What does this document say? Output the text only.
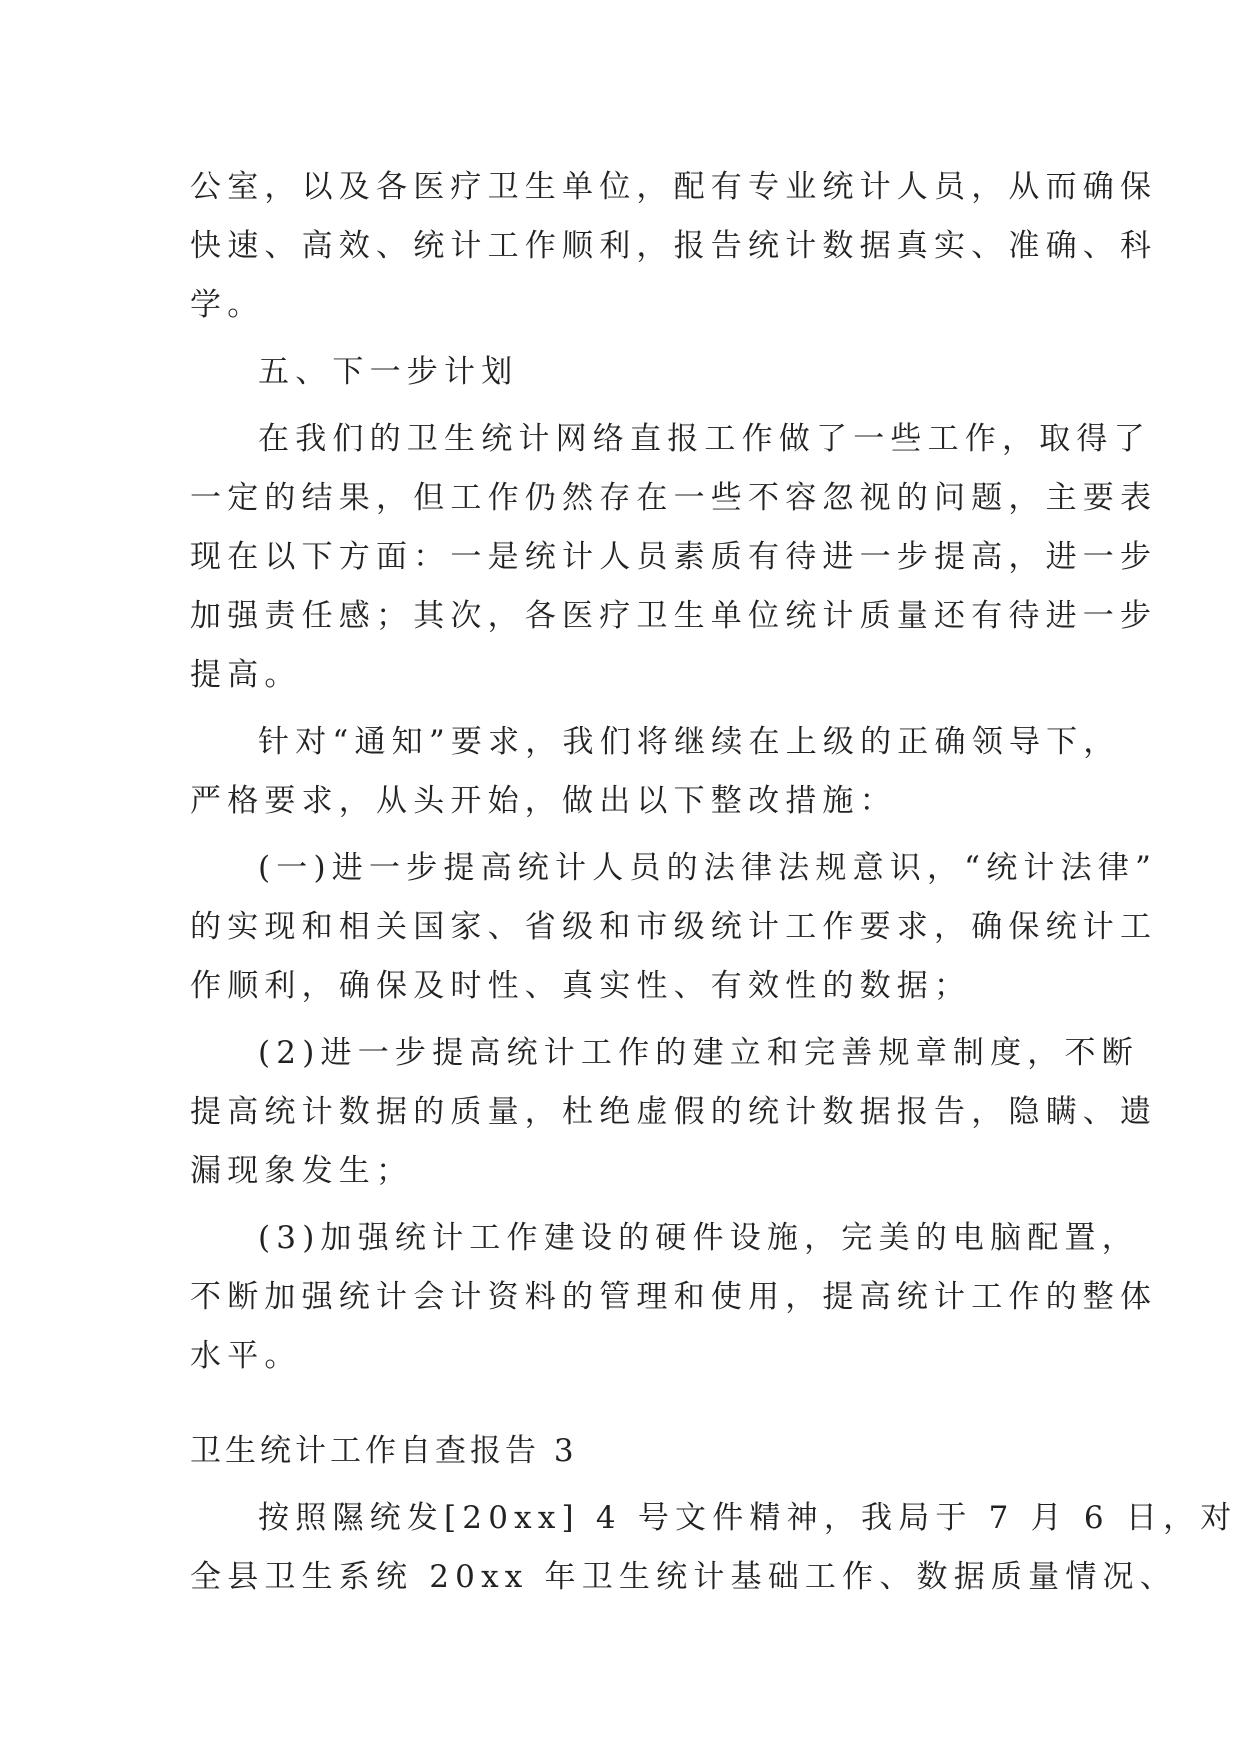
公室，以及各医疗卫生单位，配有专业统计人员，从而确保
快速、高效、统计工作顺利，报告统计数据真实、准确、科
学。
五、下一步计划
在我们的卫生统计网络直报工作做了一些工作，取得了
一定的结果，但工作仍然存在一些不容忽视的问题，主要表
现在以下方面：一是统计人员素质有待进一步提高，进一步
加强责任感；其次，各医疗卫生单位统计质量还有待进一步
提高。
针对“通知”要求，我们将继续在上级的正确领导下，
严格要求，从头开始，做出以下整改措施：
(一)进一步提高统计人员的法律法规意识，“统计法律”
的实现和相关国家、省级和市级统计工作要求，确保统计工
作顺利，确保及时性、真实性、有效性的数据；
(2)进一步提高统计工作的建立和完善规章制度，不断
提高统计数据的质量，杜绝虚假的统计数据报告，隐瞒、遗
漏现象发生；
(3)加强统计工作建设的硬件设施，完美的电脑配置，
不断加强统计会计资料的管理和使用，提高统计工作的整体
水平。
卫生统计工作自查报告 3
按照隰统发[20xx] 4 号文件精神，我局于 7 月 6 日，对
全县卫生系统 20xx 年卫生统计基础工作、数据质量情况、
